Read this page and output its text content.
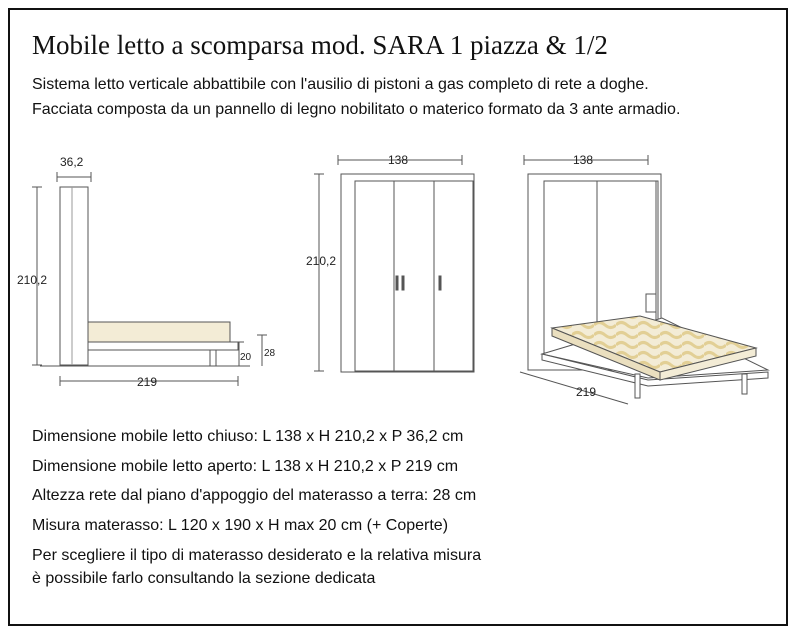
Mobile letto a scomparsa mod. SARA 1 piazza & 1/2
Sistema letto verticale abbattibile con l'ausilio di pistoni a gas completo di rete a doghe.
Facciata composta da un pannello di legno nobilitato o materico formato da 3 ante armadio.
36,2
210,2
219
20 28
138
210,2
138
219
Dimensione mobile letto chiuso: L 138 x H 210,2 x P 36,2 cm
Dimensione mobile letto aperto: L 138 x H 210,2 x P 219 cm
Altezza rete dal piano d'appoggio del materasso a terra: 28 cm
Misura materasso: L 120 x 190 x H max 20 cm (+ Coperte)
Per scegliere il tipo di materasso desiderato e la relativa misura
è possibile farlo consultando la sezione dedicata
